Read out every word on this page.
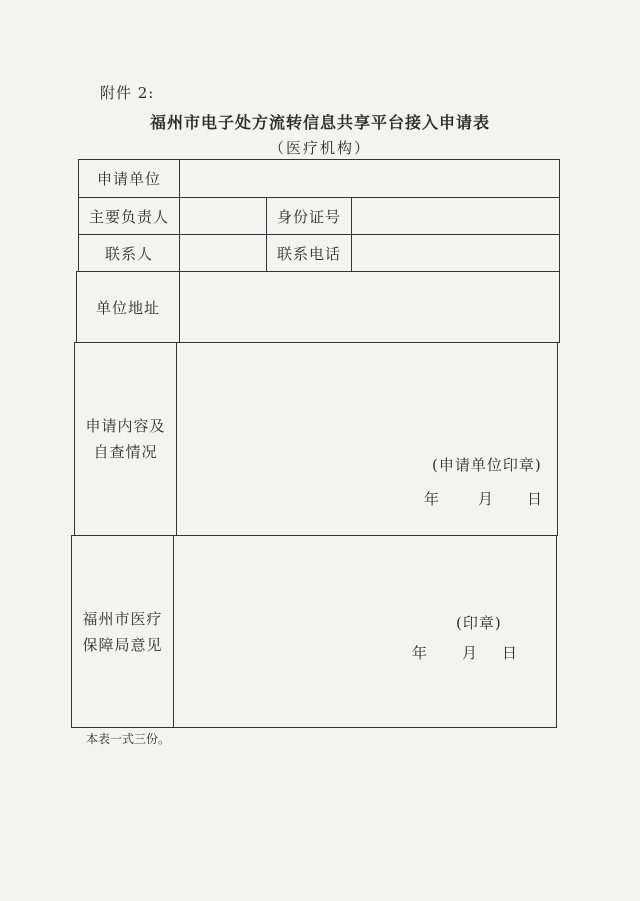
附件 2:
福州市电子处方流转信息共享平台接入申请表
（医疗机构）
申请单位
主要负责人	身份证号
联系人	联系电话
单位地址
申请内容及
自查情况
(申请单位印章)
年	月 日
福州市医疗
保障局意见
(印章)
年 月 日
本表一式三份。
